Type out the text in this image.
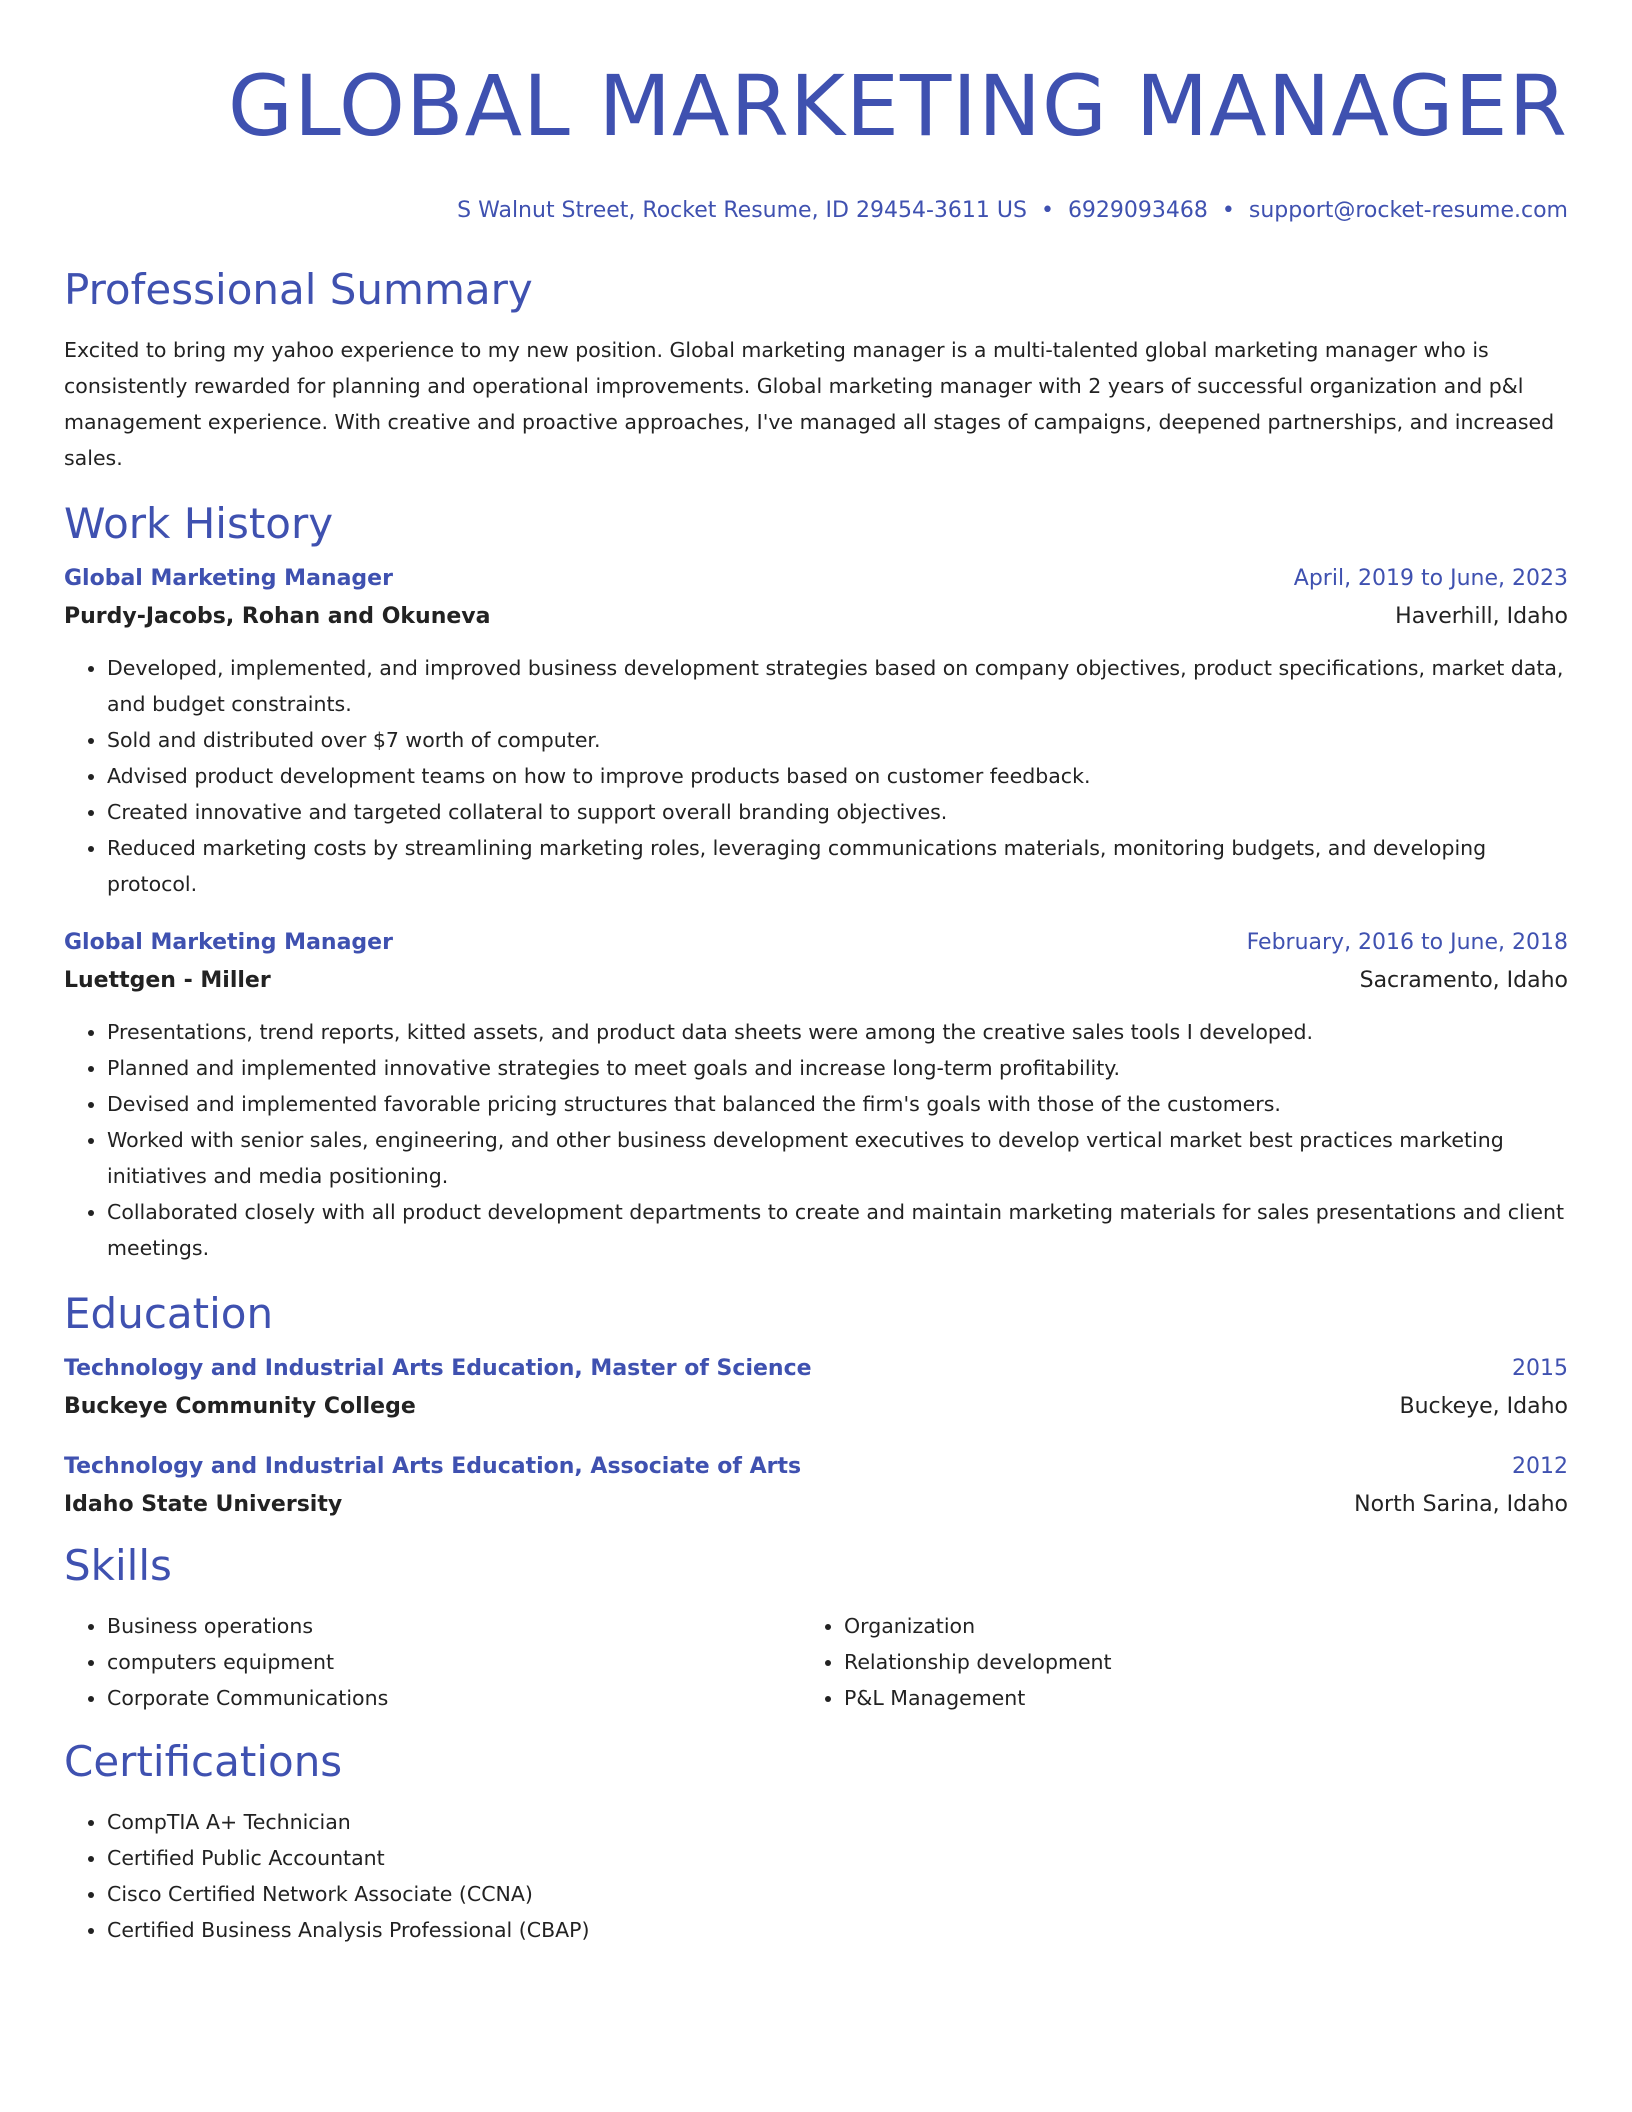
GLOBAL MARKETING MANAGER
S Walnut Street, Rocket Resume, ID 29454-3611 US • 6929093468 • support@rocket-resume.com
Professional Summary
Excited to bring my yahoo experience to my new position. Global marketing manager is a multi-talented global marketing manager who is consistently rewarded for planning and operational improvements. Global marketing manager with 2 years of successful organization and p&l management experience. With creative and proactive approaches, I've managed all stages of campaigns, deepened partnerships, and increased sales.
Work History
Global Marketing Manager	April, 2019 to June, 2023
Purdy-Jacobs, Rohan and Okuneva	Haverhill, Idaho
• Developed, implemented, and improved business development strategies based on company objectives, product specifications, market data, and budget constraints.
• Sold and distributed over $7 worth of computer.
• Advised product development teams on how to improve products based on customer feedback.
• Created innovative and targeted collateral to support overall branding objectives.
• Reduced marketing costs by streamlining marketing roles, leveraging communications materials, monitoring budgets, and developing protocol.
Global Marketing Manager	February, 2016 to June, 2018
Luettgen - Miller	Sacramento, Idaho
• Presentations, trend reports, kitted assets, and product data sheets were among the creative sales tools I developed.
• Planned and implemented innovative strategies to meet goals and increase long-term profitability.
• Devised and implemented favorable pricing structures that balanced the firm's goals with those of the customers.
• Worked with senior sales, engineering, and other business development executives to develop vertical market best practices marketing initiatives and media positioning.
• Collaborated closely with all product development departments to create and maintain marketing materials for sales presentations and client meetings.
Education
Technology and Industrial Arts Education, Master of Science	2015
Buckeye Community College	Buckeye, Idaho
Technology and Industrial Arts Education, Associate of Arts	2012
Idaho State University	North Sarina, Idaho
Skills
• Business operations
• computers equipment
• Corporate Communications
• Organization
• Relationship development
• P&L Management
Certifications
• CompTIA A+ Technician
• Certified Public Accountant
• Cisco Certified Network Associate (CCNA)
• Certified Business Analysis Professional (CBAP)
